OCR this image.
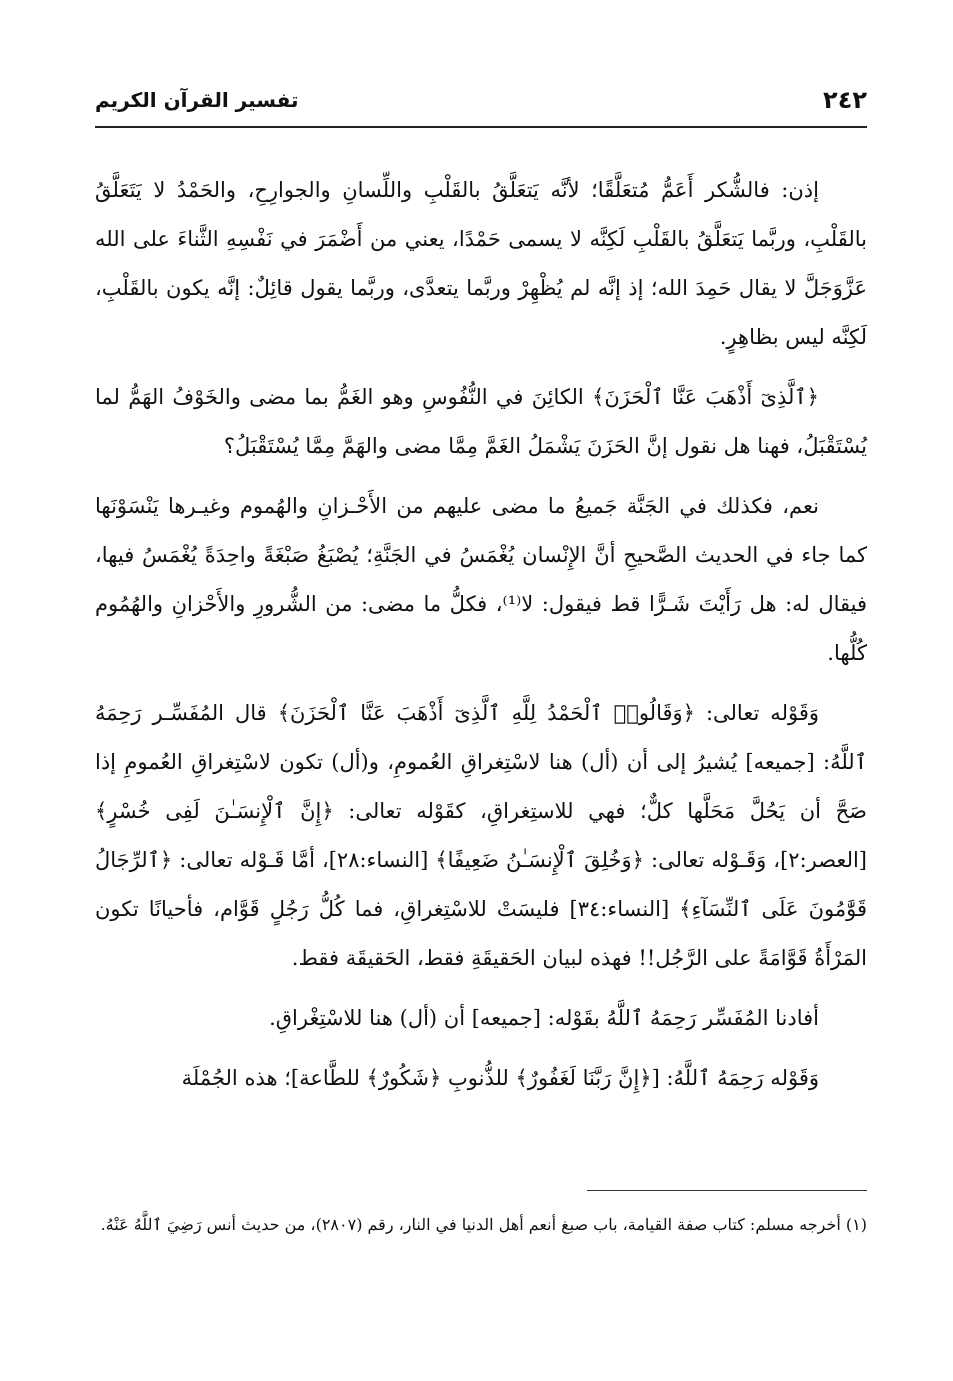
٢٤٢
تفسير القرآن الكريم

إذن: فالشُّكر أَعَمُّ مُتعَلَّقًا؛ لأنَّه يَتعَلَّقُ بالقَلْبِ واللِّسانِ والجوارِحِ، والحَمْدُ لا يَتَعَلَّقُ بالقَلْبِ، وربَّما يَتعَلَّقُ بالقَلْبِ لَكِنَّه لا يسمى حَمْدًا، يعني من أَضْمَرَ في نَفْسِهِ الثَّناءَ على الله عَزَّوَجَلَّ لا يقال حَمِدَ الله؛ إذ إنَّه لم يُظْهِرْ وربَّما يتعدَّى، وربَّما يقول قائِلٌ: إنَّه يكون بالقَلْبِ، لَكِنَّه ليس بظاهِرٍ.

﴿ٱلَّذِىٓ أَذْهَبَ عَنَّا ٱلْحَزَنَ﴾ الكائِنَ في النُّفُوسِ وهو الغَمُّ بما مضى والخَوْفُ الهَمُّ لما يُسْتَقْبَلُ، فهنا هل نقول إنَّ الحَزَنَ يَشْمَلُ الغَمَّ مِمَّا مضى والهَمَّ مِمَّا يُسْتَقْبَلُ؟

نعم، فكذلك في الجَنَّة جَميعُ ما مضى عليهم من الأَحْـزانِ والهُموم وغيـرها يَنْسَوْنَها كما جاء في الحديث الصَّحيحِ أنَّ الإِنْسان يُغْمَسُ في الجَنَّةِ؛ يُصْبَغُ صَبْغَةً واحِدَةً يُغْمَسُ فيها، فيقال له: هل رَأَيْتَ شَـرًّا قط فيقول: لا⁽¹⁾، فكلُّ ما مضى: من الشُّرورِ والأَحْزانِ والهُمُوم كُلُّها.

وَقَوْله تعالى: ﴿وَقَالُوا۟ ٱلْحَمْدُ لِلَّهِ ٱلَّذِىٓ أَذْهَبَ عَنَّا ٱلْحَزَنَ﴾ قال المُفَسِّـر رَحِمَهُ ٱللَّهُ: [جميعه] يُشيرُ إلى أن (أل) هنا لاسْتِغراقِ العُمومِ، و(أل) تكون لاسْتِغراقِ العُمومِ إذا صَحَّ أن يَحُلَّ مَحَلَّها كلٌّ؛ فهي للاستِغراقِ، كقَوْله تعالى: ﴿إِنَّ ٱلْإِنسَـٰنَ لَفِى خُسْرٍ﴾ [العصر:٢]، وَقَـوْله تعالى: ﴿وَخُلِقَ ٱلْإِنسَـٰنُ ضَعِيفًا﴾ [النساء:٢٨]، أمَّا قَـوْله تعالى: ﴿ٱلرِّجَالُ قَوَّٰمُونَ عَلَى ٱلنِّسَآءِ﴾ [النساء:٣٤] فليسَتْ للاسْتِغراقِ، فما كُلُّ رَجُلٍ قَوَّام، فأحيانًا تكون المَرْأَةُ قَوَّامَةً على الرَّجُل!! فهذه لبيان الحَقيقَةِ فقط، الحَقيقَة فقط.

أفادنا المُفَسِّر رَحِمَهُ ٱللَّهُ بقَوْله: [جميعه] أن (أل) هنا للاسْتِغْراقِ.

وَقَوْله رَحِمَهُ ٱللَّهُ: [﴿إِنَّ رَبَّنَا لَغَفُورٌ﴾ للذُّنوبِ ﴿شَكُورٌ﴾ للطَّاعة]؛ هذه الجُمْلَة

(١) أخرجه مسلم: كتاب صفة القيامة، باب صبغ أنعم أهل الدنيا في النار، رقم (٢٨٠٧)، من حديث أنس رَضِيَ ٱللَّهُ عَنْهُ.
